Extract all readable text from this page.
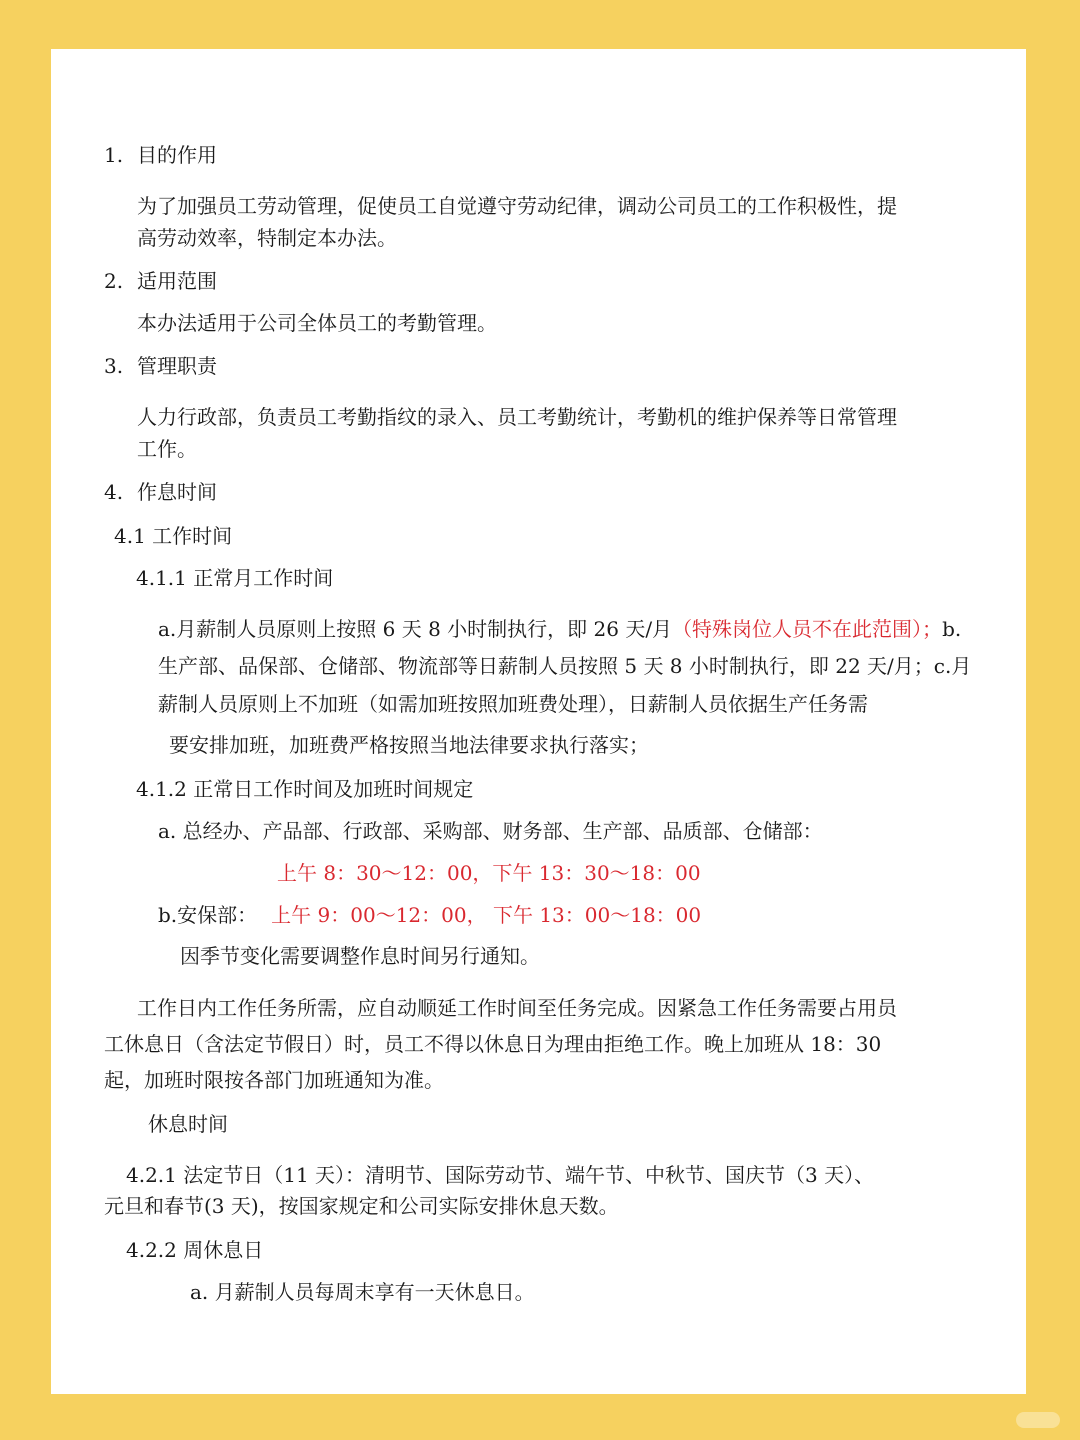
1. 目的作用
为了加强员工劳动管理，促使员工自觉遵守劳动纪律，调动公司员工的工作积极性，提
高劳动效率，特制定本办法。
2. 适用范围
本办法适用于公司全体员工的考勤管理。
3. 管理职责
人力行政部，负责员工考勤指纹的录入、员工考勤统计，考勤机的维护保养等日常管理
工作。
4. 作息时间
4.1 工作时间
4.1.1 正常月工作时间
a.月薪制人员原则上按照 6 天 8 小时制执行，即 26 天/月（特殊岗位人员不在此范围）；b.
生产部、品保部、仓储部、物流部等日薪制人员按照 5 天 8 小时制执行，即 22 天/月；c.月
薪制人员原则上不加班（如需加班按照加班费处理），日薪制人员依据生产任务需
要安排加班，加班费严格按照当地法律要求执行落实；
4.1.2 正常日工作时间及加班时间规定
a. 总经办、产品部、行政部、采购部、财务部、生产部、品质部、仓储部：
上午 8：30～12：00，下午 13：30～18：00
b.安保部： 上午 9：00～12：00， 下午 13：00～18：00
因季节变化需要调整作息时间另行通知。
工作日内工作任务所需，应自动顺延工作时间至任务完成。因紧急工作任务需要占用员
工休息日（含法定节假日）时，员工不得以休息日为理由拒绝工作。晚上加班从 18：30
起，加班时限按各部门加班通知为准。
休息时间
4.2.1 法定节日（11 天）：清明节、国际劳动节、端午节、中秋节、国庆节（3 天）、
元旦和春节(3 天)，按国家规定和公司实际安排休息天数。
4.2.2 周休息日
a. 月薪制人员每周末享有一天休息日。
